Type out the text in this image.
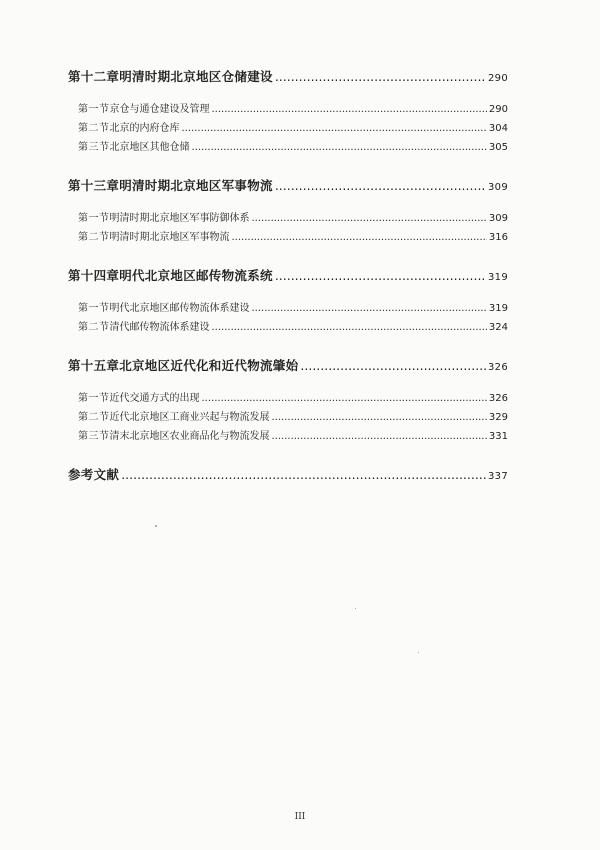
第十二章 明清时期北京地区仓储建设 .....	290
第一节 京仓与通仓建设及管理 .....	290
第二节 北京的内府仓库 .....	304
第三节 北京地区其他仓储 .....	305
第十三章 明清时期北京地区军事物流 .....	309
第一节 明清时期北京地区军事防御体系 .....	309
第二节 明清时期北京地区军事物流 .....	316
第十四章 明代北京地区邮传物流系统 .....	319
第一节 明代北京地区邮传物流体系建设 .....	319
第二节 清代邮传物流体系建设 .....	324
第十五章 北京地区近代化和近代物流肇始 .....	326
第一节 近代交通方式的出现 .....	326
第二节 近代北京地区工商业兴起与物流发展 .....	329
第三节 清末北京地区农业商品化与物流发展 .....	331
参考文献 .....	337
III
